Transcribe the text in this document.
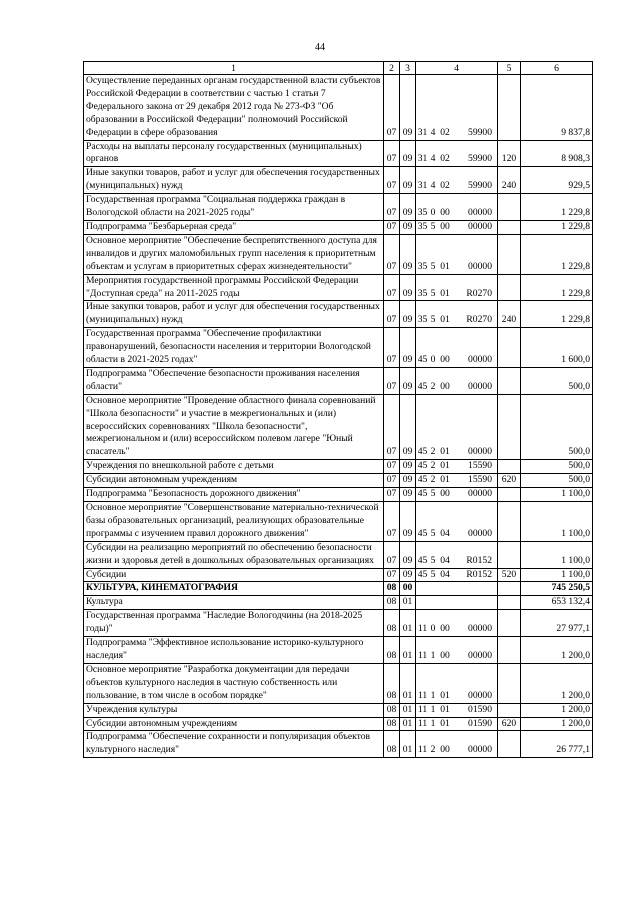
44
1	2	3	4	5	6
Осуществление переданных органам государственной власти субъектов Российской Федерации в соответствии с частью 1 статьи 7 Федерального закона от 29 декабря 2012 года № 273-ФЗ "Об образовании в Российской Федерации" полномочий Российской Федерации в сфере образования	07	09	31 4 02 59900		9 837,8
Расходы на выплаты персоналу государственных (муниципальных) органов	07	09	31 4 02 59900	120	8 908,3
Иные закупки товаров, работ и услуг для обеспечения государственных (муниципальных) нужд	07	09	31 4 02 59900	240	929,5
Государственная программа "Социальная поддержка граждан в Вологодской области на 2021-2025 годы"	07	09	35 0 00 00000		1 229,8
Подпрограмма "Безбарьерная среда"	07	09	35 5 00 00000		1 229,8
Основное мероприятие "Обеспечение беспрепятственного доступа для инвалидов и других маломобильных групп населения к приоритетным объектам и услугам в приоритетных сферах жизнедеятельности"	07	09	35 5 01 00000		1 229,8
Мероприятия государственной программы Российской Федерации "Доступная среда" на 2011-2025 годы	07	09	35 5 01 R0270		1 229,8
Иные закупки товаров, работ и услуг для обеспечения государственных (муниципальных) нужд	07	09	35 5 01 R0270	240	1 229,8
Государственная программа "Обеспечение профилактики правонарушений, безопасности населения и территории Вологодской области в 2021-2025 годах"	07	09	45 0 00 00000		1 600,0
Подпрограмма "Обеспечение безопасности проживания населения области"	07	09	45 2 00 00000		500,0
Основное мероприятие "Проведение областного финала соревнований "Школа безопасности" и участие в межрегиональных и (или) всероссийских соревнованиях "Школа безопасности", межрегиональном и (или) всероссийском полевом лагере "Юный спасатель"	07	09	45 2 01 00000		500,0
Учреждения по внешкольной работе с детьми	07	09	45 2 01 15590		500,0
Субсидии автономным учреждениям	07	09	45 2 01 15590	620	500,0
Подпрограмма "Безопасность дорожного движения"	07	09	45 5 00 00000		1 100,0
Основное мероприятие "Совершенствование материально-технической базы образовательных организаций, реализующих образовательные программы с изучением правил дорожного движения"	07	09	45 5 04 00000		1 100,0
Субсидии на реализацию мероприятий по обеспечению безопасности жизни и здоровья детей в дошкольных образовательных организациях	07	09	45 5 04 R0152		1 100,0
Субсидии	07	09	45 5 04 R0152	520	1 100,0
КУЛЬТУРА, КИНЕМАТОГРАФИЯ	08	00			745 250,5
Культура	08	01			653 132,4
Государственная программа "Наследие Вологодчины (на 2018-2025 годы)"	08	01	11 0 00 00000		27 977,1
Подпрограмма "Эффективное использование историко-культурного наследия"	08	01	11 1 00 00000		1 200,0
Основное мероприятие "Разработка документации для передачи объектов культурного наследия в частную собственность или пользование, в том числе в особом порядке"	08	01	11 1 01 00000		1 200,0
Учреждения культуры	08	01	11 1 01 01590		1 200,0
Субсидии автономным учреждениям	08	01	11 1 01 01590	620	1 200,0
Подпрограмма "Обеспечение сохранности и популяризация объектов культурного наследия"	08	01	11 2 00 00000		26 777,1
